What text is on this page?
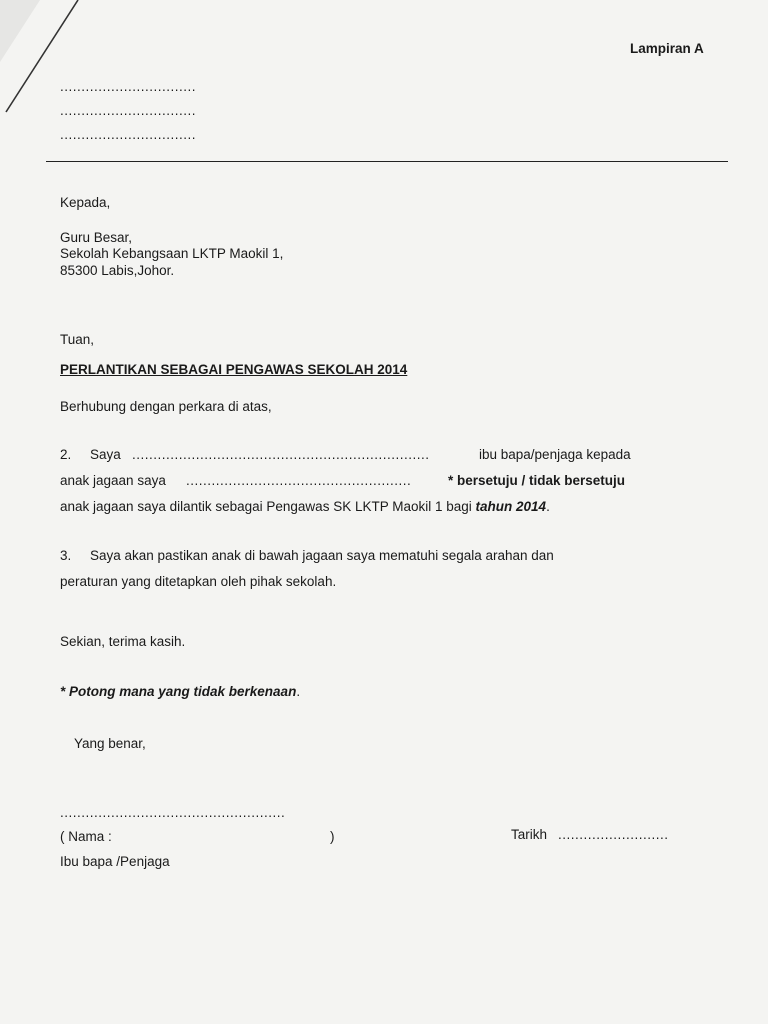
Lampiran A
................................
................................
................................
Kepada,
Guru Besar,
Sekolah Kebangsaan LKTP Maokil 1,
85300 Labis,Johor.
Tuan,
PERLANTIKAN SEBAGAI PENGAWAS SEKOLAH 2014
Berhubung dengan perkara di atas,
2. Saya ......................................................................	ibu bapa/penjaga kepada
anak jagaan saya .....................................................	* bersetuju / tidak bersetuju
anak jagaan saya dilantik sebagai Pengawas SK LKTP Maokil 1 bagi tahun 2014.
3. Saya akan pastikan anak di bawah jagaan saya mematuhi segala arahan dan
peraturan yang ditetapkan oleh pihak sekolah.
Sekian, terima kasih.
* Potong mana yang tidak berkenaan.
Yang benar,
.....................................................
( Nama :	)	Tarikh ..........................
Ibu bapa /Penjaga
